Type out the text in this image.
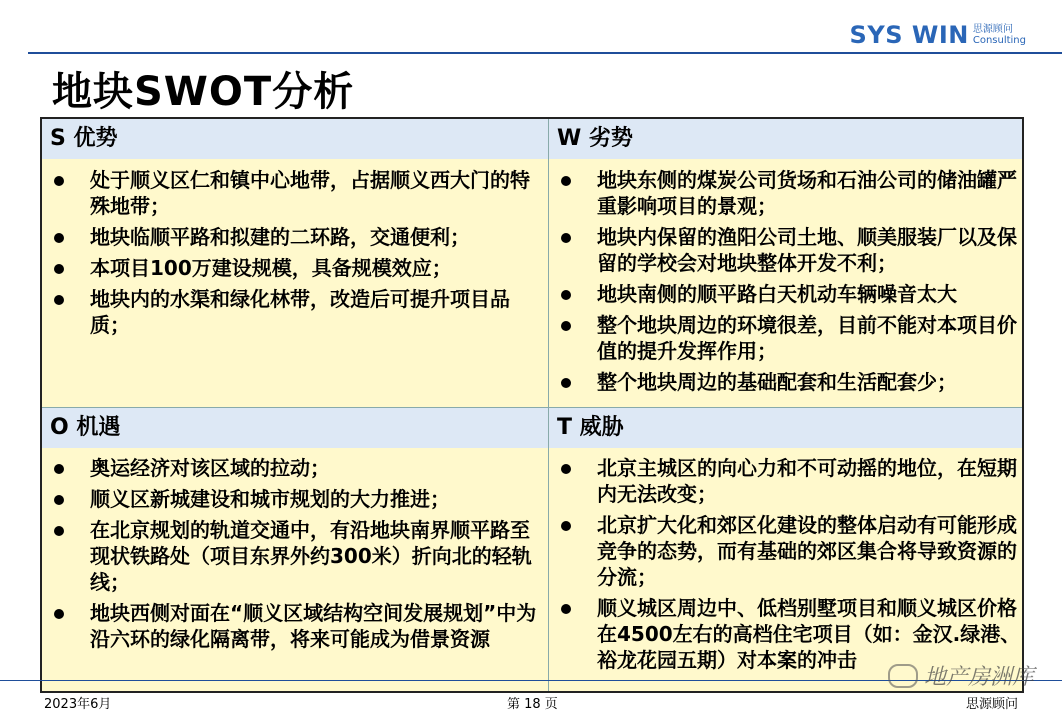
SYS WIN 思源顾问
Consulting
地块SWOT分析
S 优势
处于顺义区仁和镇中心地带，占据顺义西大门的特殊地带；
地块临顺平路和拟建的二环路，交通便利；
本项目100万建设规模，具备规模效应；
地块内的水渠和绿化林带，改造后可提升项目品质；
W 劣势
地块东侧的煤炭公司货场和石油公司的储油罐严重影响项目的景观；
地块内保留的渔阳公司土地、顺美服装厂以及保留的学校会对地块整体开发不利；
地块南侧的顺平路白天机动车辆噪音太大
整个地块周边的环境很差，目前不能对本项目价值的提升发挥作用；
整个地块周边的基础配套和生活配套少；
O 机遇
奥运经济对该区域的拉动；
顺义区新城建设和城市规划的大力推进；
在北京规划的轨道交通中，有沿地块南界顺平路至现状铁路处（项目东界外约300米）折向北的轻轨线；
地块西侧对面在“顺义区域结构空间发展规划”中为沿六环的绿化隔离带，将来可能成为借景资源
T 威胁
北京主城区的向心力和不可动摇的地位，在短期内无法改变；
北京扩大化和郊区化建设的整体启动有可能形成竞争的态势，而有基础的郊区集合将导致资源的分流；
顺义城区周边中、低档别墅项目和顺义城区价格在4500左右的高档住宅项目（如：金汉.绿港、裕龙花园五期）对本案的冲击
2023年6月	第 18 页	思源顾问
地产房洲库
